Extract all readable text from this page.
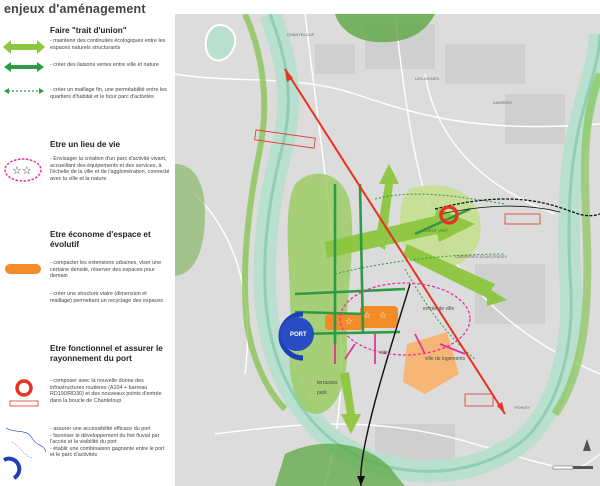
enjeux d'aménagement
Faire "trait d'union"
- maintenir des continuités écologiques entre les espaces naturels structurants
- créer des liaisons vertes entre ville et nature
- créer un maillage fin, une perméabilité entre les quartiers d'habitat et le futur parc d'activités
Etre un lieu de vie
☆☆
- Envisager la création d'un parc d'activité vivant, accueillant des équipements et des services, à l'échelle de la ville et de l'agglomération, connecté avec la ville et la nature
Etre économe d'espace et évolutif
- compacter les extensions urbaines, viser une certaine densité, réserver des espaces pour demain
- créer une structure viaire (dimension et maillage) permettant un recyclage des espaces
Etre fonctionnel et assurer le rayonnement du port
- composer avec la nouvelle donne des infrastructures routières (A104 + barreau RD190/RD30) et des nouveaux points d'entrée dans la boucle de Chanteloup
- assurer une accessibilité efficace du port
- favoriser le développement du fret fluvial par l'accès et la visibilité du port
- établir une combinaison gagnante entre le port et le parc d'activités
PORT
☆ ☆
☆
coeur vert
entrée de ville
ville de logements
terrasses
park
site
CHANTELOUP
LES-VIGNES
CARRIÈRES-SOUS-POISSY
POISSY
ANDRÉSY
